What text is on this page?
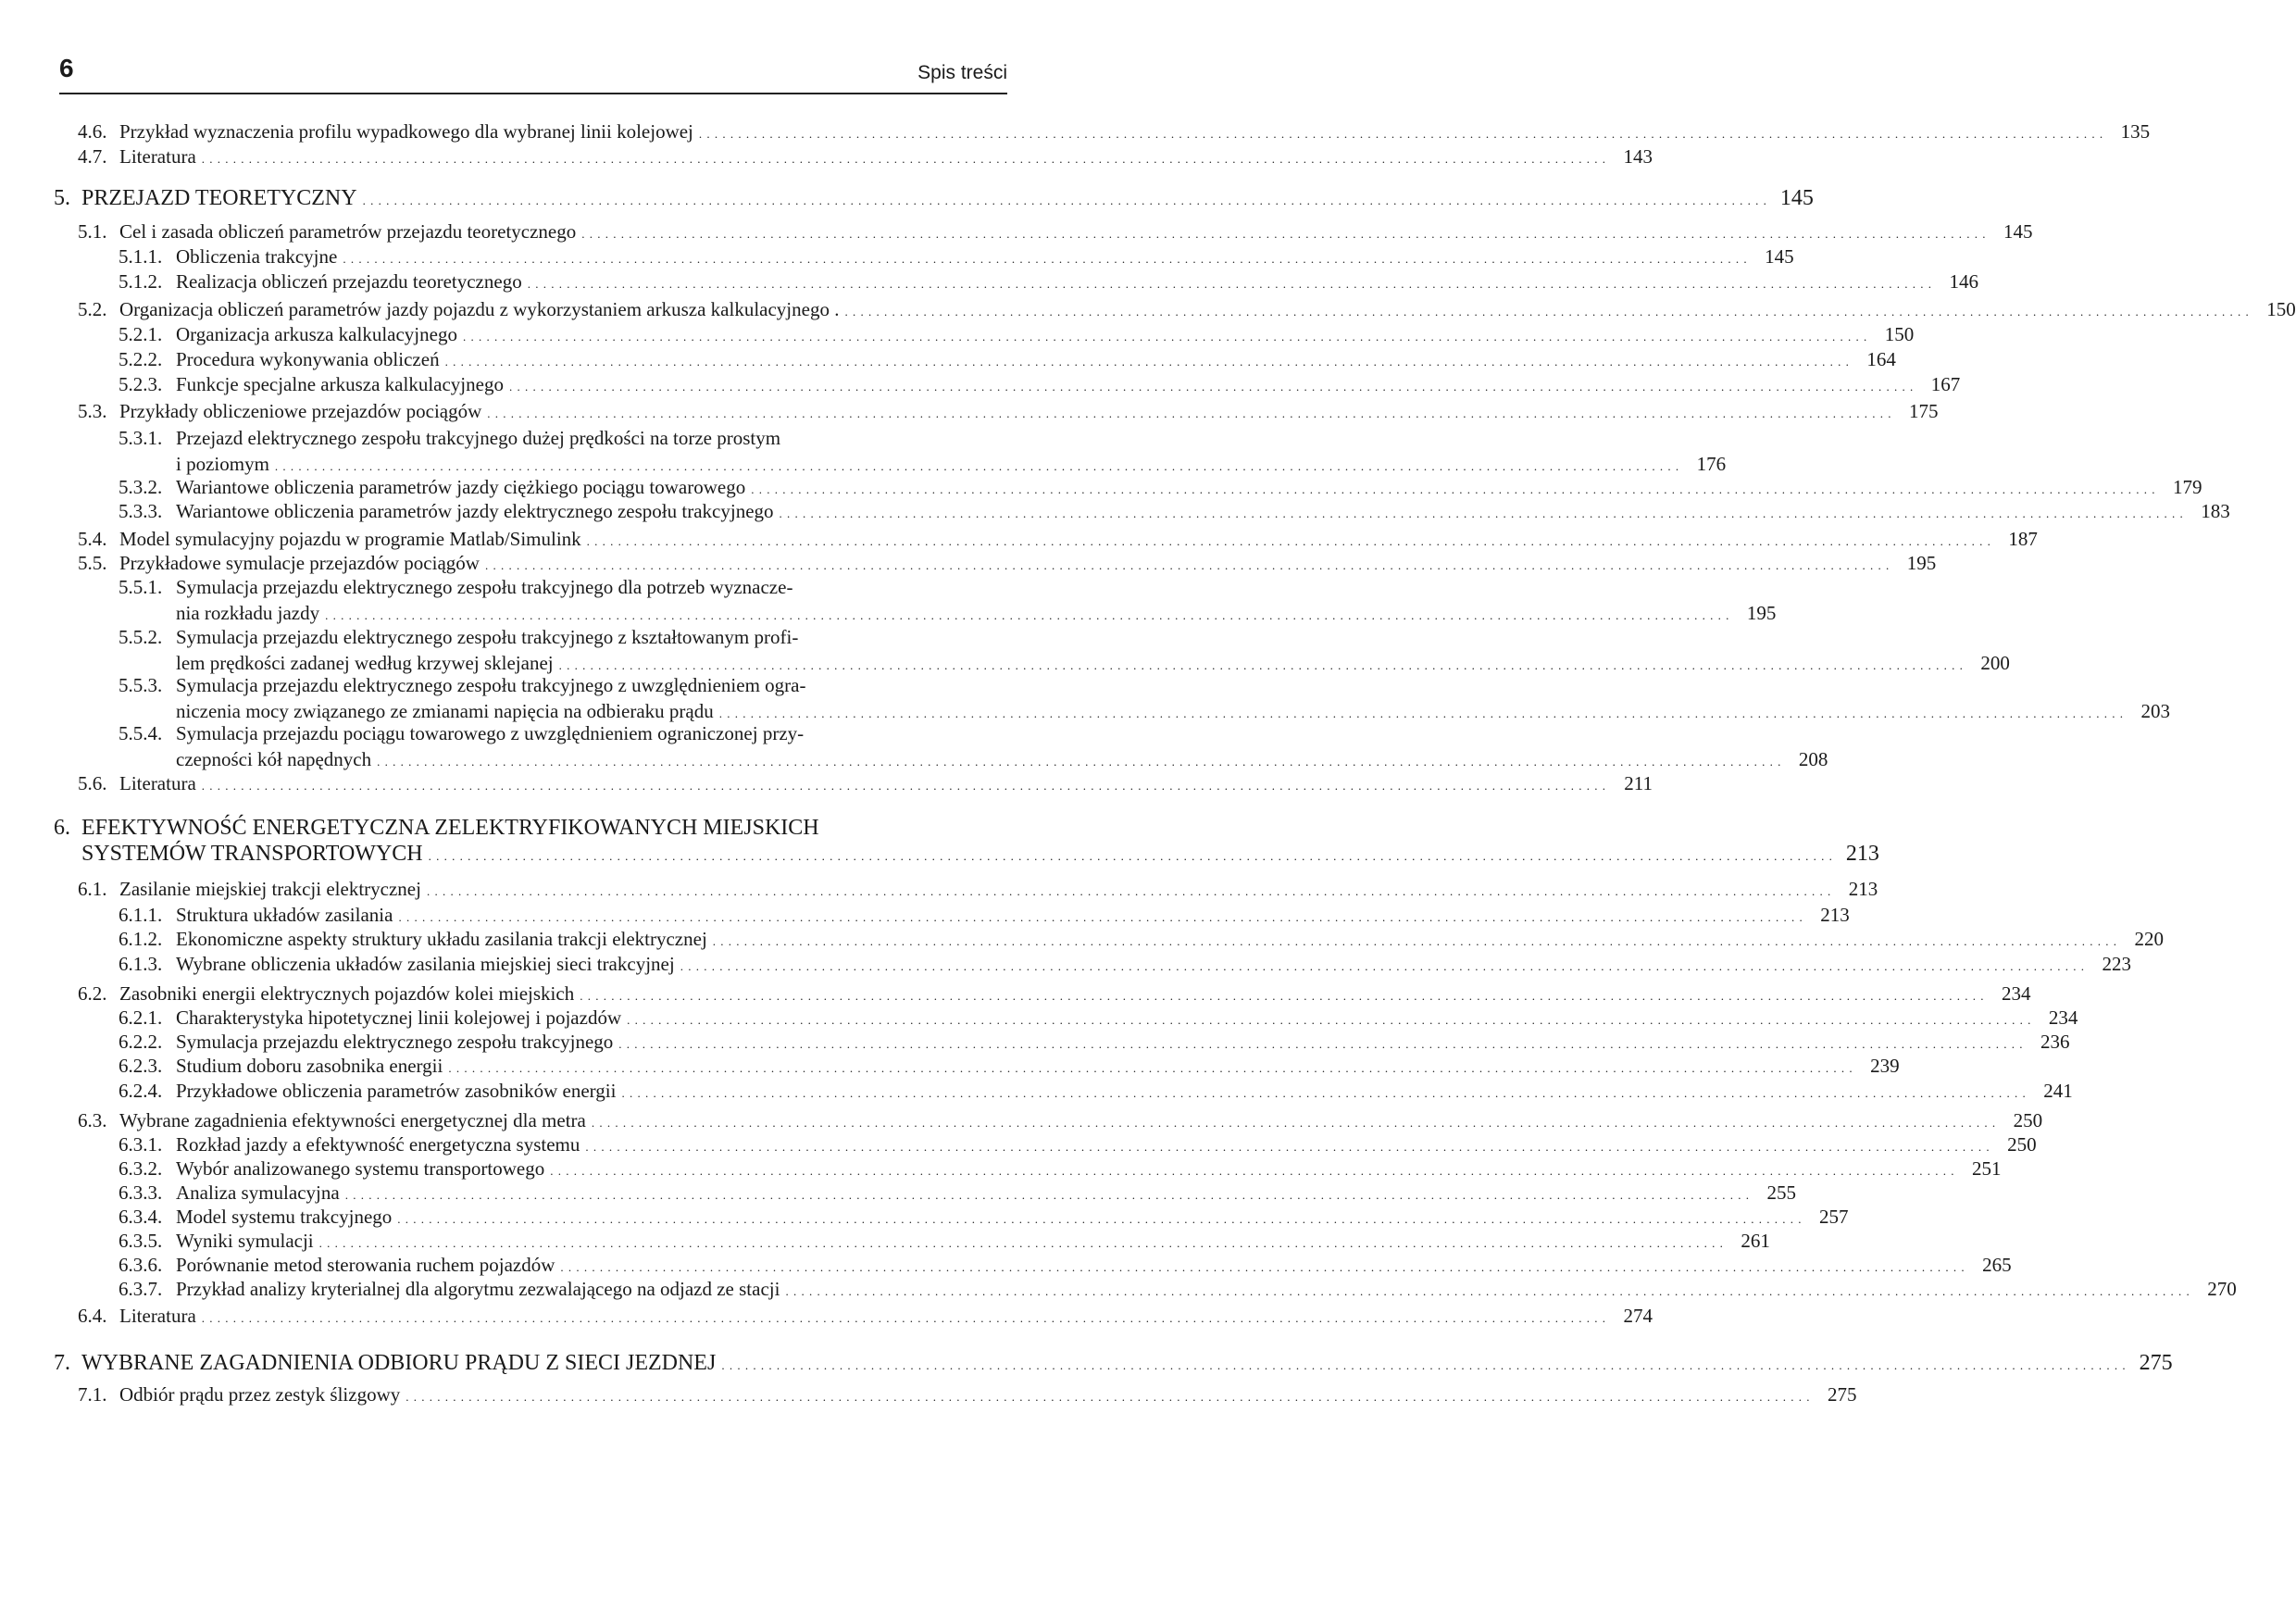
6	Spis treści
4.6. Przykład wyznaczenia profilu wypadkowego dla wybranej linii kolejowej . . .	135
4.7. Literatura . . .	143
5. PRZEJAZD TEORETYCZNY . . .	145
5.1. Cel i zasada obliczeń parametrów przejazdu teoretycznego . . .	145
5.1.1. Obliczenia trakcyjne . . .	145
5.1.2. Realizacja obliczeń przejazdu teoretycznego . . .	146
5.2. Organizacja obliczeń parametrów jazdy pojazdu z wykorzystaniem arkusza kalkulacyjnego . . . .	150
5.2.1. Organizacja arkusza kalkulacyjnego . . .	150
5.2.2. Procedura wykonywania obliczeń . . .	164
5.2.3. Funkcje specjalne arkusza kalkulacyjnego . . .	167
5.3. Przykłady obliczeniowe przejazdów pociągów . . .	175
5.3.1. Przejazd elektrycznego zespołu trakcyjnego dużej prędkości na torze prostym
i poziomym . . .	176
5.3.2. Wariantowe obliczenia parametrów jazdy ciężkiego pociągu towarowego . . .	179
5.3.3. Wariantowe obliczenia parametrów jazdy elektrycznego zespołu trakcyjnego . . .	183
5.4. Model symulacyjny pojazdu w programie Matlab/Simulink . . .	187
5.5. Przykładowe symulacje przejazdów pociągów . . .	195
5.5.1. Symulacja przejazdu elektrycznego zespołu trakcyjnego dla potrzeb wyznacze-
nia rozkładu jazdy . . .	195
5.5.2. Symulacja przejazdu elektrycznego zespołu trakcyjnego z kształtowanym profi-
lem prędkości zadanej według krzywej sklejanej . . .	200
5.5.3. Symulacja przejazdu elektrycznego zespołu trakcyjnego z uwzględnieniem ogra-
niczenia mocy związanego ze zmianami napięcia na odbieraku prądu . . .	203
5.5.4. Symulacja przejazdu pociągu towarowego z uwzględnieniem ograniczonej przy-
czepności kół napędnych . . .	208
5.6. Literatura . . .	211
6. EFEKTYWNOŚĆ ENERGETYCZNA ZELEKTRYFIKOWANYCH MIEJSKICH
SYSTEMÓW TRANSPORTOWYCH . . .	213
6.1. Zasilanie miejskiej trakcji elektrycznej . . .	213
6.1.1. Struktura układów zasilania . . .	213
6.1.2. Ekonomiczne aspekty struktury układu zasilania trakcji elektrycznej . . .	220
6.1.3. Wybrane obliczenia układów zasilania miejskiej sieci trakcyjnej . . .	223
6.2. Zasobniki energii elektrycznych pojazdów kolei miejskich . . .	234
6.2.1. Charakterystyka hipotetycznej linii kolejowej i pojazdów . . .	234
6.2.2. Symulacja przejazdu elektrycznego zespołu trakcyjnego . . .	236
6.2.3. Studium doboru zasobnika energii . . .	239
6.2.4. Przykładowe obliczenia parametrów zasobników energii . . .	241
6.3. Wybrane zagadnienia efektywności energetycznej dla metra . . .	250
6.3.1. Rozkład jazdy a efektywność energetyczna systemu . . .	250
6.3.2. Wybór analizowanego systemu transportowego . . .	251
6.3.3. Analiza symulacyjna . . .	255
6.3.4. Model systemu trakcyjnego . . .	257
6.3.5. Wyniki symulacji . . .	261
6.3.6. Porównanie metod sterowania ruchem pojazdów . . .	265
6.3.7. Przykład analizy kryterialnej dla algorytmu zezwalającego na odjazd ze stacji . . .	270
6.4. Literatura . . .	274
7. WYBRANE ZAGADNIENIA ODBIORU PRĄDU Z SIECI JEZDNEJ . . .	275
7.1. Odbiór prądu przez zestyk ślizgowy . . .	275
